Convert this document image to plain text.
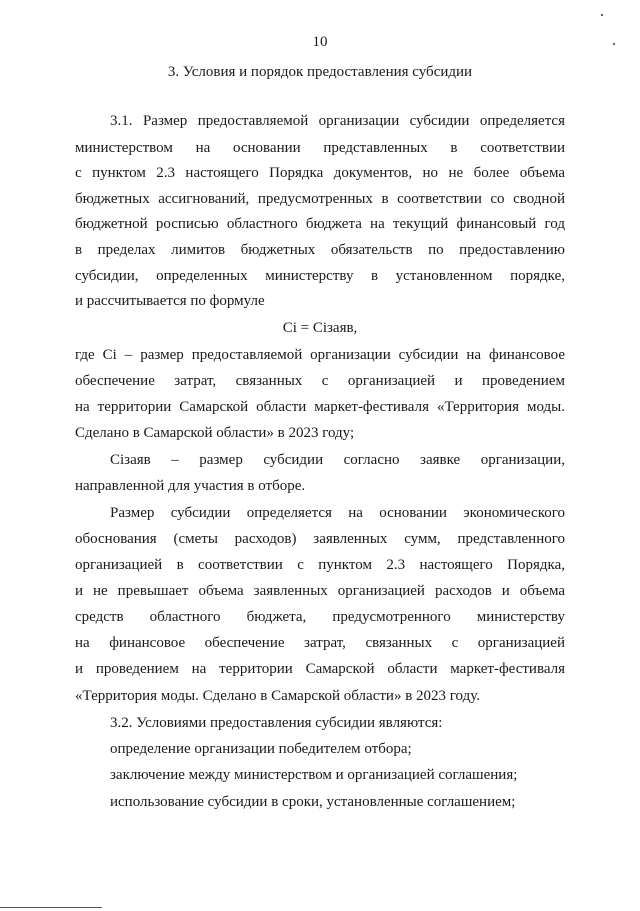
10
3. Условия и порядок предоставления субсидии
3.1. Размер предоставляемой организации субсидии определяется
министерством на основании представленных в соответствии
с пунктом 2.3 настоящего Порядка документов, но не более объема
бюджетных ассигнований, предусмотренных в соответствии со сводной
бюджетной росписью областного бюджета на текущий финансовый год
в пределах лимитов бюджетных обязательств по предоставлению
субсидии, определенных министерству в установленном порядке,
и рассчитывается по формуле
Ci = Ciзаяв,
где Ci – размер предоставляемой организации субсидии на финансовое
обеспечение затрат, связанных с организацией и проведением
на территории Самарской области маркет-фестиваля «Территория моды.
Сделано в Самарской области» в 2023 году;
Ciзаяв – размер субсидии согласно заявке организации,
направленной для участия в отборе.
Размер субсидии определяется на основании экономического
обоснования (сметы расходов) заявленных сумм, представленного
организацией в соответствии с пунктом 2.3 настоящего Порядка,
и не превышает объема заявленных организацией расходов и объема
средств областного бюджета, предусмотренного министерству
на финансовое обеспечение затрат, связанных с организацией
и проведением на территории Самарской области маркет-фестиваля
«Территория моды. Сделано в Самарской области» в 2023 году.
3.2. Условиями предоставления субсидии являются:
определение организации победителем отбора;
заключение между министерством и организацией соглашения;
использование субсидии в сроки, установленные соглашением;
